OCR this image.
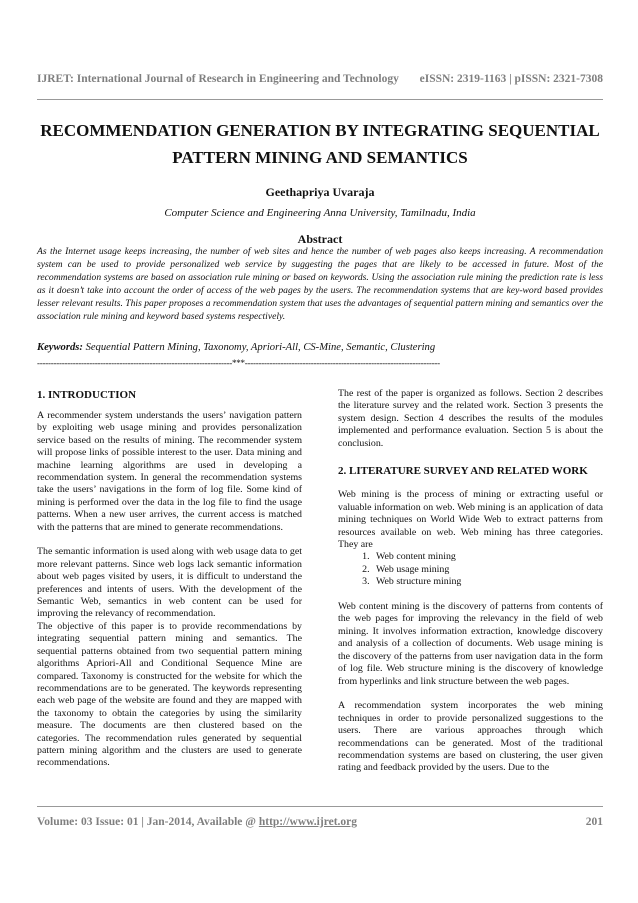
IJRET: International Journal of Research in Engineering and Technology eISSN: 2319-1163 | pISSN: 2321-7308
RECOMMENDATION GENERATION BY INTEGRATING SEQUENTIAL
PATTERN MINING AND SEMANTICS
Geethapriya Uvaraja
Computer Science and Engineering Anna University, Tamilnadu, India
Abstract
As the Internet usage keeps increasing, the number of web sites and hence the number of web pages also keeps increasing. A recommendation system can be used to provide personalized web service by suggesting the pages that are likely to be accessed in future. Most of the recommendation systems are based on association rule mining or based on keywords. Using the association rule mining the prediction rate is less as it doesn’t take into account the order of access of the web pages by the users. The recommendation systems that are key-word based provides lesser relevant results. This paper proposes a recommendation system that uses the advantages of sequential pattern mining and semantics over the association rule mining and keyword based systems respectively.
Keywords: Sequential Pattern Mining, Taxonomy, Apriori-All, CS-Mine, Semantic, Clustering
-----------------------------------------------------------------------***-----------------------------------------------------------------------
1. INTRODUCTION

A recommender system understands the users’ navigation pattern by exploiting web usage mining and provides personalization service based on the results of mining. The recommender system will propose links of possible interest to the user. Data mining and machine learning algorithms are used in developing a recommendation system. In general the recommendation systems take the users’ navigations in the form of log file. Some kind of mining is performed over the data in the log file to find the usage patterns. When a new user arrives, the current access is matched with the patterns that are mined to generate recommendations.

The semantic information is used along with web usage data to get more relevant patterns. Since web logs lack semantic information about web pages visited by users, it is difficult to understand the preferences and intents of users. With the development of the Semantic Web, semantics in web content can be used for improving the relevancy of recommendation.

The objective of this paper is to provide recommendations by integrating sequential pattern mining and semantics. The sequential patterns obtained from two sequential pattern mining algorithms Apriori-All and Conditional Sequence Mine are compared. Taxonomy is constructed for the website for which the recommendations are to be generated. The keywords representing each web page of the website are found and they are mapped with the taxonomy to obtain the categories by using the similarity measure. The documents are then clustered based on the categories. The recommendation rules generated by sequential pattern mining algorithm and the clusters are used to generate recommendations.

The rest of the paper is organized as follows. Section 2 describes the literature survey and the related work. Section 3 presents the system design. Section 4 describes the results of the modules implemented and performance evaluation. Section 5 is about the conclusion.

2. LITERATURE SURVEY AND RELATED WORK

Web mining is the process of mining or extracting useful or valuable information on web. Web mining is an application of data mining techniques on World Wide Web to extract patterns from resources available on web. Web mining has three categories. They are

1. Web content mining
2. Web usage mining
3. Web structure mining

Web content mining is the discovery of patterns from contents of the web pages for improving the relevancy in the field of web mining. It involves information extraction, knowledge discovery and analysis of a collection of documents. Web usage mining is the discovery of the patterns from user navigation data in the form of log file. Web structure mining is the discovery of knowledge from hyperlinks and link structure between the web pages.

A recommendation system incorporates the web mining techniques in order to provide personalized suggestions to the users. There are various approaches through which recommendations can be generated. Most of the traditional recommendation systems are based on clustering, the user given rating and feedback provided by the users. Due to the

Volume: 03 Issue: 01 | Jan-2014, Available @ http://www.ijret.org	201
